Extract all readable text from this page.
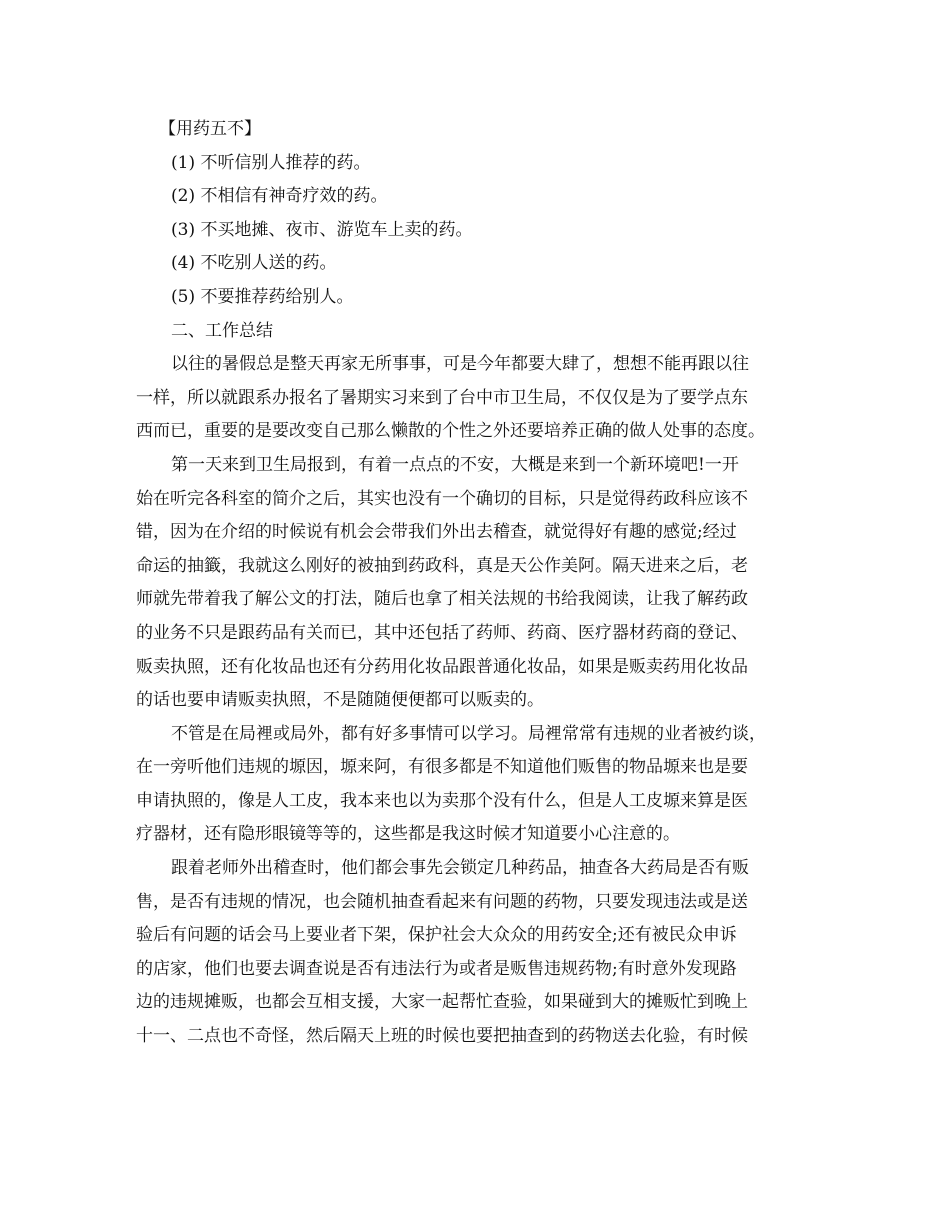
【用药五不】
(1) 不听信别人推荐的药。
(2) 不相信有神奇疗效的药。
(3) 不买地摊、夜市、游览车上卖的药。
(4) 不吃别人送的药。
(5) 不要推荐药给别人。
二、工作总结
以往的暑假总是整天再家无所事事，可是今年都要大肆了，想想不能再跟以往
一样，所以就跟系办报名了暑期实习来到了台中市卫生局，不仅仅是为了要学点东
西而已，重要的是要改变自己那么懒散的个性之外还要培养正确的做人处事的态度。
第一天来到卫生局报到，有着一点点的不安，大概是来到一个新环境吧!一开
始在听完各科室的简介之后，其实也没有一个确切的目标，只是觉得药政科应该不
错，因为在介绍的时候说有机会会带我们外出去稽查，就觉得好有趣的感觉;经过
命运的抽籤，我就这么刚好的被抽到药政科，真是天公作美阿。隔天进来之后，老
师就先带着我了解公文的打法，随后也拿了相关法规的书给我阅读，让我了解药政
的业务不只是跟药品有关而已，其中还包括了药师、药商、医疗器材药商的登记、
贩卖执照，还有化妆品也还有分药用化妆品跟普通化妆品，如果是贩卖药用化妆品
的话也要申请贩卖执照，不是随随便便都可以贩卖的。
不管是在局裡或局外，都有好多事情可以学习。局裡常常有违规的业者被约谈，
在一旁听他们违规的塬因，塬来阿，有很多都是不知道他们贩售的物品塬来也是要
申请执照的，像是人工皮，我本来也以为卖那个没有什么，但是人工皮塬来算是医
疗器材，还有隐形眼镜等等的，这些都是我这时候才知道要小心注意的。
跟着老师外出稽查时，他们都会事先会锁定几种药品，抽查各大药局是否有贩
售，是否有违规的情况，也会随机抽查看起来有问题的药物，只要发现违法或是送
验后有问题的话会马上要业者下架，保护社会大众众的用药安全;还有被民众申诉
的店家，他们也要去调查说是否有违法行为或者是贩售违规药物;有时意外发现路
边的违规摊贩，也都会互相支援，大家一起帮忙查验，如果碰到大的摊贩忙到晚上
十一、二点也不奇怪，然后隔天上班的时候也要把抽查到的药物送去化验，有时候
